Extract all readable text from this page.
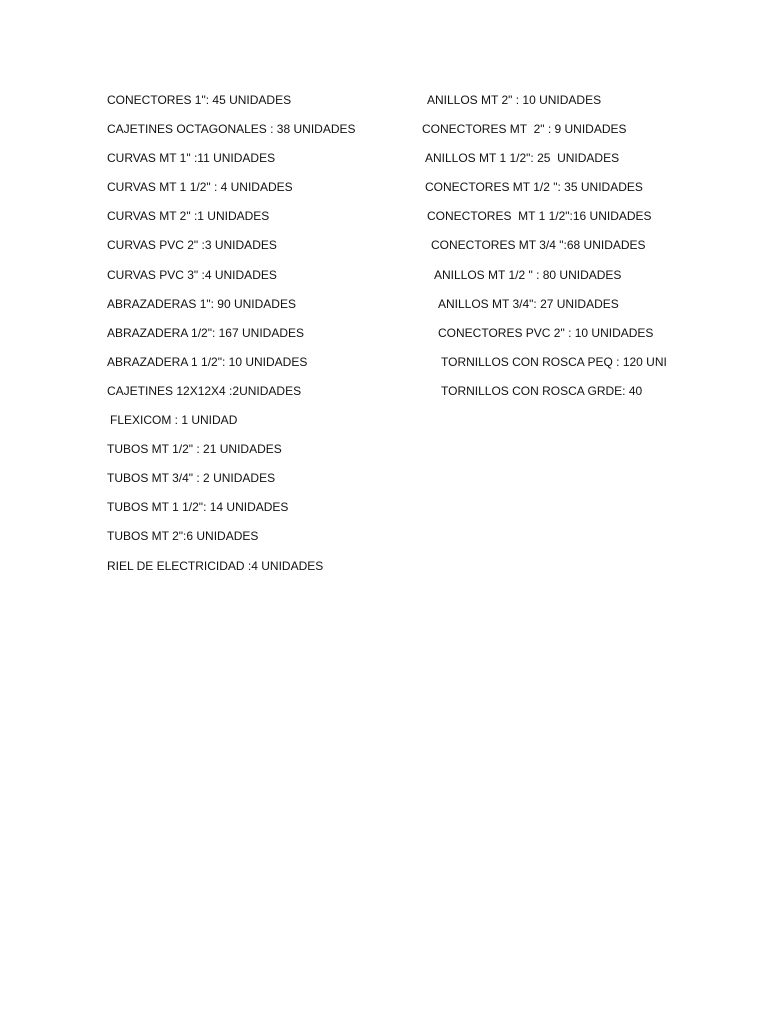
CONECTORES 1": 45 UNIDADES
CAJETINES OCTAGONALES : 38 UNIDADES
CURVAS MT 1" :11 UNIDADES
CURVAS MT 1 1/2" : 4 UNIDADES
CURVAS MT 2" :1 UNIDADES
CURVAS PVC 2" :3 UNIDADES
CURVAS PVC 3" :4 UNIDADES
ABRAZADERAS 1": 90 UNIDADES
ABRAZADERA 1/2": 167 UNIDADES
ABRAZADERA 1 1/2": 10 UNIDADES
CAJETINES 12X12X4 :2UNIDADES
FLEXICOM : 1 UNIDAD
TUBOS MT 1/2" : 21 UNIDADES
TUBOS MT 3/4" : 2 UNIDADES
TUBOS MT 1 1/2": 14 UNIDADES
TUBOS MT 2":6 UNIDADES
RIEL DE ELECTRICIDAD :4 UNIDADES
ANILLOS MT 2" : 10 UNIDADES
CONECTORES MT  2" : 9 UNIDADES
ANILLOS MT 1 1/2": 25  UNIDADES
CONECTORES MT 1/2 ": 35 UNIDADES
CONECTORES  MT 1 1/2":16 UNIDADES
CONECTORES MT 3/4 ":68 UNIDADES
ANILLOS MT 1/2 " : 80 UNIDADES
ANILLOS MT 3/4": 27 UNIDADES
CONECTORES PVC 2" : 10 UNIDADES
TORNILLOS CON ROSCA PEQ : 120 UNI
TORNILLOS CON ROSCA GRDE: 40
